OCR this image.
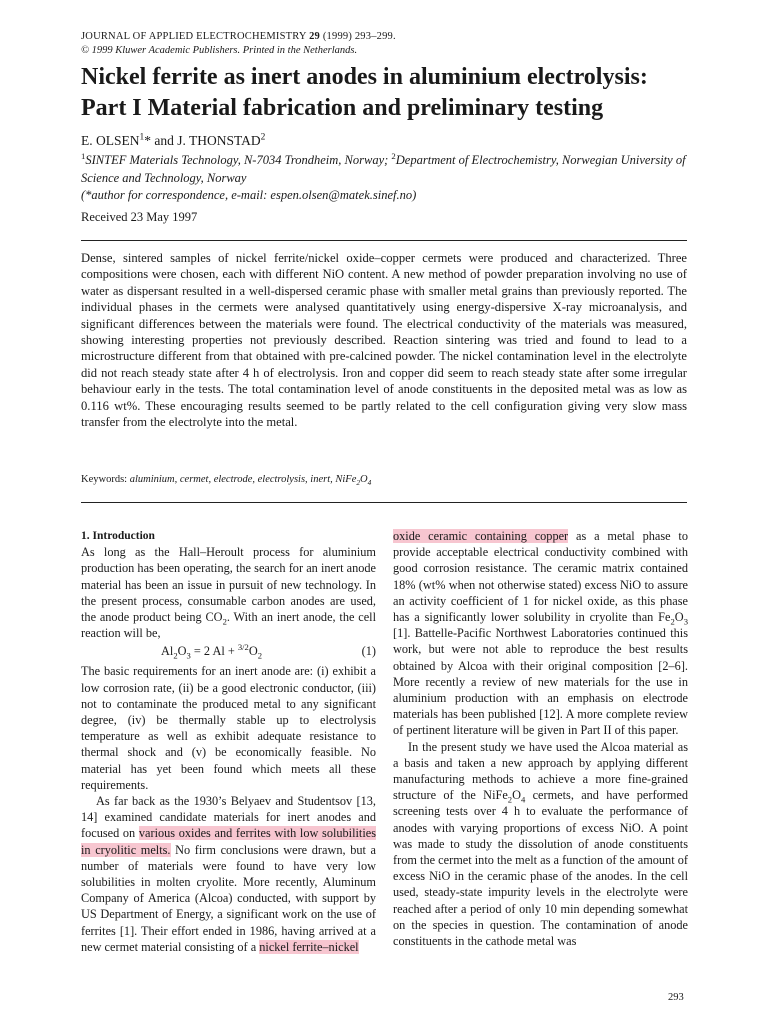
JOURNAL OF APPLIED ELECTROCHEMISTRY 29 (1999) 293–299.
© 1999 Kluwer Academic Publishers. Printed in the Netherlands.
Nickel ferrite as inert anodes in aluminium electrolysis:
Part I Material fabrication and preliminary testing
E. OLSEN$^1$* and J. THONSTAD$^2$
$^1$SINTEF Materials Technology, N-7034 Trondheim, Norway; $^2$Department of Electrochemistry, Norwegian University of Science and Technology, Norway
(*author for correspondence, e-mail: espen.olsen@matek.sinef.no)
Received 23 May 1997

Dense, sintered samples of nickel ferrite/nickel oxide–copper cermets were produced and characterized. Three compositions were chosen, each with different NiO content. A new method of powder preparation involving no use of water as dispersant resulted in a well-dispersed ceramic phase with smaller metal grains than previously reported. The individual phases in the cermets were analysed quantitatively using energy-dispersive X-ray microanalysis, and significant differences between the materials were found. The electrical conductivity of the materials was measured, showing interesting properties not previously described. Reaction sintering was tried and found to lead to a microstructure different from that obtained with pre-calcined powder. The nickel contamination level in the electrolyte did not reach steady state after 4 h of electrolysis. Iron and copper did seem to reach steady state after some irregular behaviour early in the tests. The total contamination level of anode constituents in the deposited metal was as low as 0.116 wt%. These encouraging results seemed to be partly related to the cell configuration giving very slow mass transfer from the electrolyte into the metal.

Keywords: aluminium, cermet, electrode, electrolysis, inert, $NiFe_2O_4$

1. Introduction

As long as the Hall–Heroult process for aluminium production has been operating, the search for an inert anode material has been an issue in pursuit of new technology. In the present process, consumable carbon anodes are used, the anode product being $CO_2$. With an inert anode, the cell reaction will be,

$Al_2O_3 = 2$ $Al + ^{3/2}O_2$	(1)

The basic requirements for an inert anode are: (i) exhibit a low corrosion rate, (ii) be a good electronic conductor, (iii) not to contaminate the produced metal to any significant degree, (iv) be thermally stable up to electrolysis temperature as well as exhibit adequate resistance to thermal shock and (v) be economically feasible. No material has yet been found which meets all these requirements.

As far back as the 1930’s Belyaev and Studentsov [13, 14] examined candidate materials for inert anodes and focused on various oxides and ferrites with low solubilities in cryolitic melts. No firm conclusions were drawn, but a number of materials were found to have very low solubilities in molten cryolite. More recently, Aluminum Company of America (Alcoa) conducted, with support by US Department of Energy, a significant work on the use of ferrites [1]. Their effort ended in 1986, having arrived at a new cermet material consisting of a nickel ferrite–nickel

oxide ceramic containing copper as a metal phase to provide acceptable electrical conductivity combined with good corrosion resistance. The ceramic matrix contained 18% (wt% when not otherwise stated) excess NiO to assure an activity coefficient of 1 for nickel oxide, as this phase has a significantly lower solubility in cryolite than $Fe_2O_3$ [1]. Battelle-Pacific Northwest Laboratories continued this work, but were not able to reproduce the best results obtained by Alcoa with their original composition [2–6]. More recently a review of new materials for the use in aluminium production with an emphasis on electrode materials has been published [12]. A more complete review of pertinent literature will be given in Part II of this paper.

In the present study we have used the Alcoa material as a basis and taken a new approach by applying different manufacturing methods to achieve a more fine-grained structure of the $NiFe_2O_4$ cermets, and have performed screening tests over 4 h to evaluate the performance of anodes with varying proportions of excess NiO. A point was made to study the dissolution of anode constituents from the cermet into the melt as a function of the amount of excess NiO in the ceramic phase of the anodes. In the cell used, steady-state impurity levels in the electrolyte were reached after a period of only 10 min depending somewhat on the species in question. The contamination of anode constituents in the cathode metal was

293
